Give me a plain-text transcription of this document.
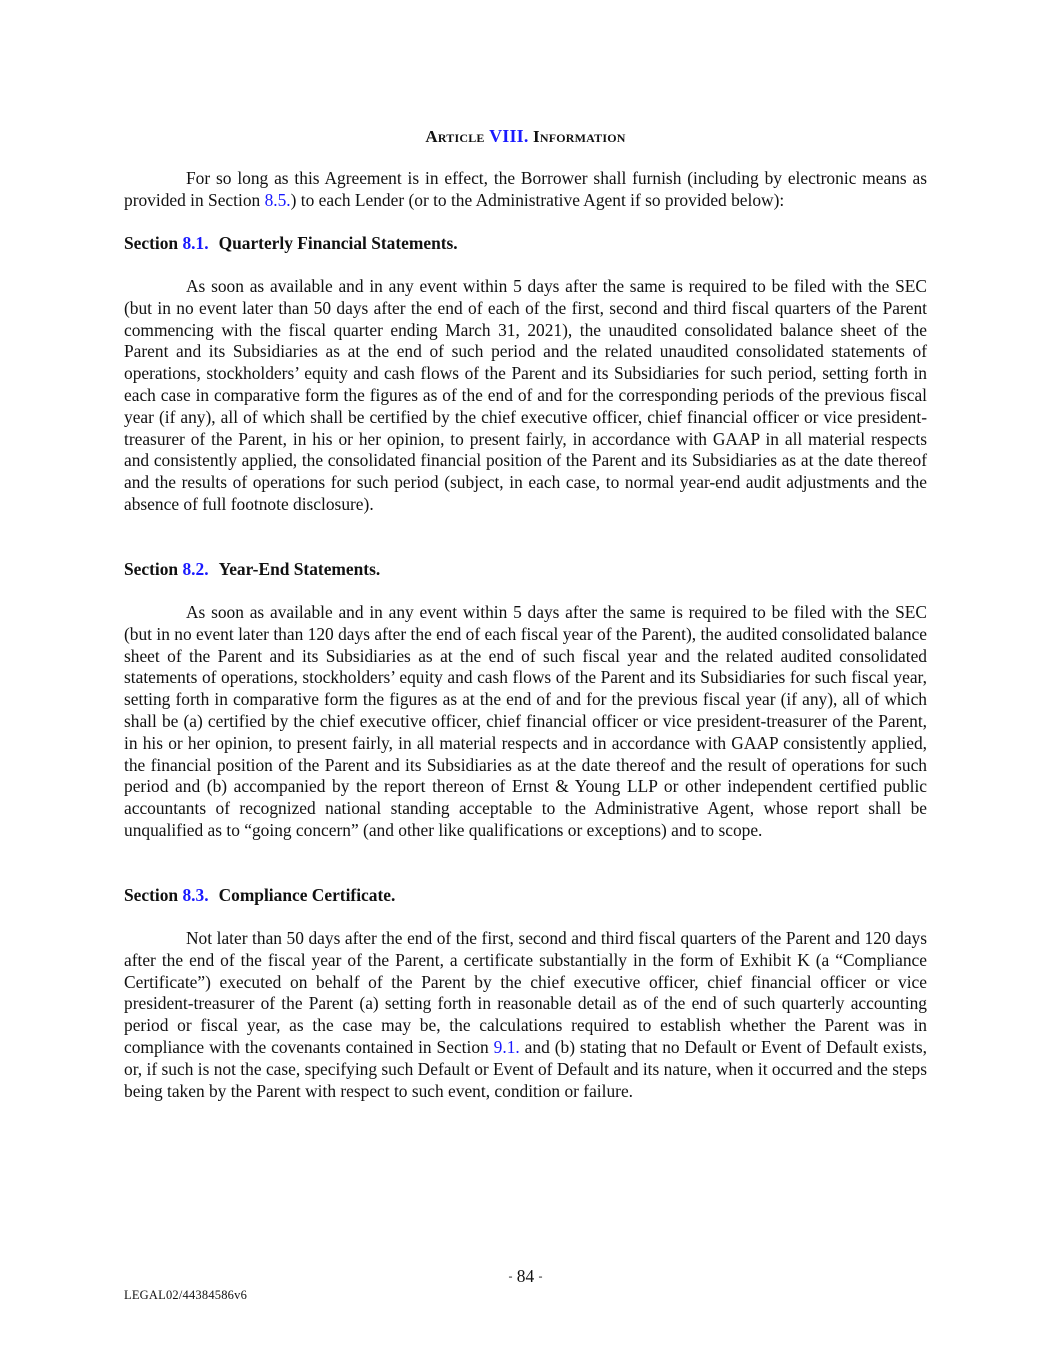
Article VIII. Information

For so long as this Agreement is in effect, the Borrower shall furnish (including by electronic means as provided in Section 8.5.) to each Lender (or to the Administrative Agent if so provided below):

Section 8.1. Quarterly Financial Statements.

As soon as available and in any event within 5 days after the same is required to be filed with the SEC (but in no event later than 50 days after the end of each of the first, second and third fiscal quarters of the Parent commencing with the fiscal quarter ending March 31, 2021), the unaudited consolidated balance sheet of the Parent and its Subsidiaries as at the end of such period and the related unaudited consolidated statements of operations, stockholders’ equity and cash flows of the Parent and its Subsidiaries for such period, setting forth in each case in comparative form the figures as of the end of and for the corresponding periods of the previous fiscal year (if any), all of which shall be certified by the chief executive officer, chief financial officer or vice president-treasurer of the Parent, in his or her opinion, to present fairly, in accordance with GAAP in all material respects and consistently applied, the consolidated financial position of the Parent and its Subsidiaries as at the date thereof and the results of operations for such period (subject, in each case, to normal year-end audit adjustments and the absence of full footnote disclosure).

Section 8.2. Year-End Statements.

As soon as available and in any event within 5 days after the same is required to be filed with the SEC (but in no event later than 120 days after the end of each fiscal year of the Parent), the audited consolidated balance sheet of the Parent and its Subsidiaries as at the end of such fiscal year and the related audited consolidated statements of operations, stockholders’ equity and cash flows of the Parent and its Subsidiaries for such fiscal year, setting forth in comparative form the figures as at the end of and for the previous fiscal year (if any), all of which shall be (a) certified by the chief executive officer, chief financial officer or vice president-treasurer of the Parent, in his or her opinion, to present fairly, in all material respects and in accordance with GAAP consistently applied, the financial position of the Parent and its Subsidiaries as at the date thereof and the result of operations for such period and (b) accompanied by the report thereon of Ernst & Young LLP or other independent certified public accountants of recognized national standing acceptable to the Administrative Agent, whose report shall be unqualified as to “going concern” (and other like qualifications or exceptions) and to scope.

Section 8.3. Compliance Certificate.

Not later than 50 days after the end of the first, second and third fiscal quarters of the Parent and 120 days after the end of the fiscal year of the Parent, a certificate substantially in the form of Exhibit K (a “Compliance Certificate”) executed on behalf of the Parent by the chief executive officer, chief financial officer or vice president-treasurer of the Parent (a) setting forth in reasonable detail as of the end of such quarterly accounting period or fiscal year, as the case may be, the calculations required to establish whether the Parent was in compliance with the covenants contained in Section 9.1. and (b) stating that no Default or Event of Default exists, or, if such is not the case, specifying such Default or Event of Default and its nature, when it occurred and the steps being taken by the Parent with respect to such event, condition or failure.

- 84 -
LEGAL02/44384586v6
